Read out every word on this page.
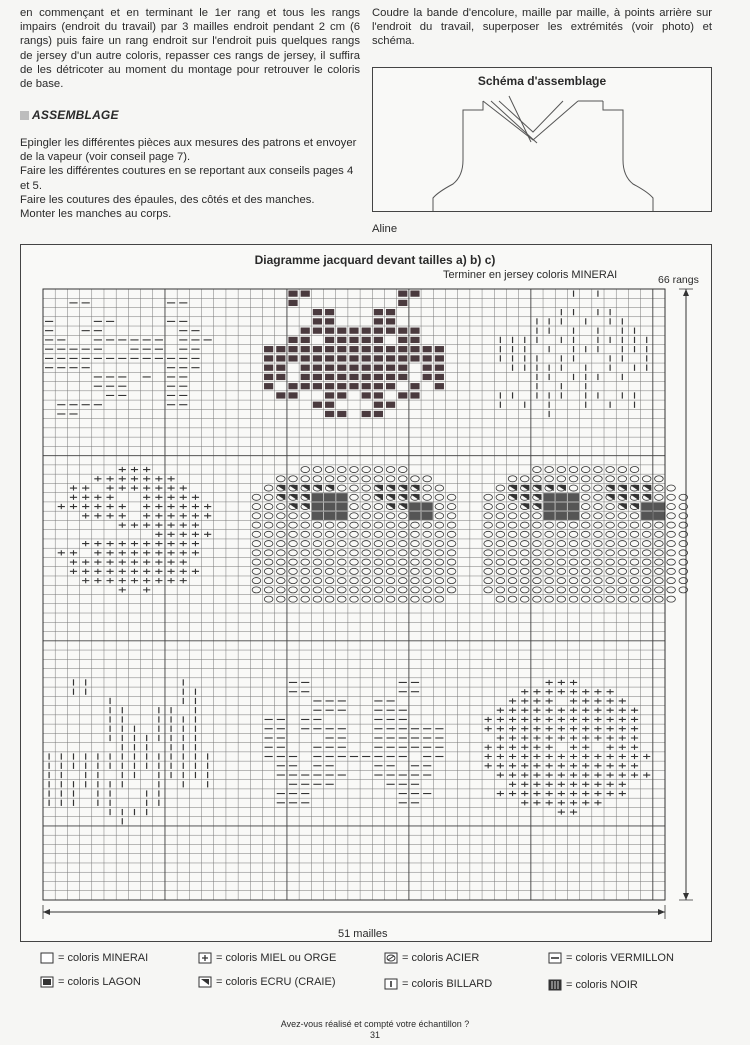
en commençant et en terminant le 1er rang et tous les rangs impairs (endroit du travail) par 3 mailles endroit pendant 2 cm (6 rangs) puis faire un rang endroit sur l'endroit puis quelques rangs de jersey d'un autre coloris, repasser ces rangs de jersey, il suffira de les détricoter au moment du montage pour retrouver le coloris de base.

ASSEMBLAGE
Epingler les différentes pièces aux mesures des patrons et envoyer de la vapeur (voir conseil page 7).
Faire les différentes coutures en se reportant aux conseils pages 4 et 5.
Faire les coutures des épaules, des côtés et des manches.
Monter les manches au corps.

Coudre la bande d'encolure, maille par maille, à points arrière sur l'endroit du travail, superposer les extrémités (voir photo) et schéma.

Schéma d'assemblage
Aline
Diagramme jacquard devant tailles a) b) c)
Terminer en jersey coloris MINERAI	66 rangs
51 mailles
= coloris MINERAI
= coloris LAGON
= coloris MIEL ou ORGE
= coloris ECRU (CRAIE)
= coloris ACIER
= coloris BILLARD
= coloris VERMILLON
= coloris NOIR
Avez-vous réalisé et compté votre échantillon ?
31
